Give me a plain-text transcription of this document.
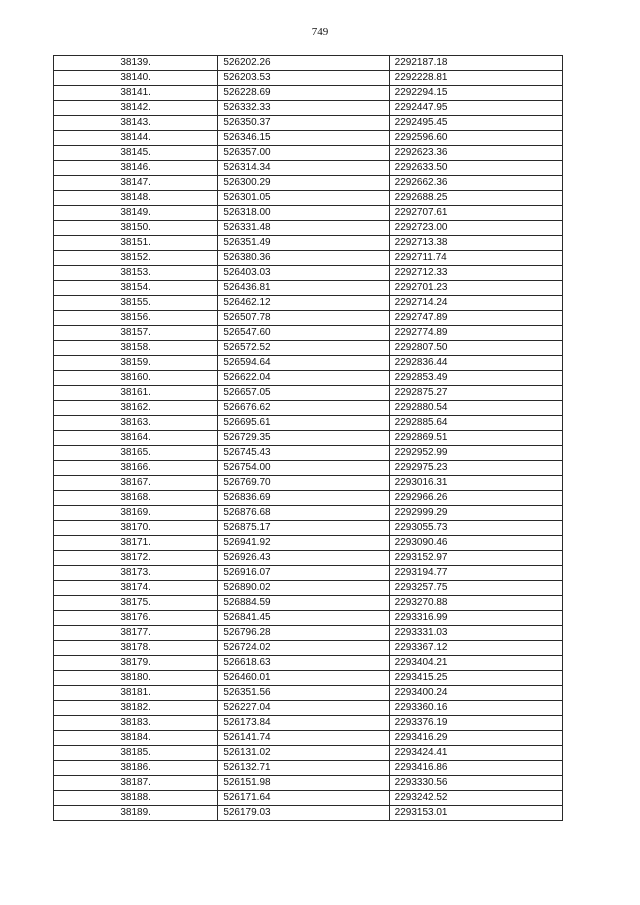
749
38139.	526202.26	2292187.18
38140.	526203.53	2292228.81
38141.	526228.69	2292294.15
38142.	526332.33	2292447.95
38143.	526350.37	2292495.45
38144.	526346.15	2292596.60
38145.	526357.00	2292623.36
38146.	526314.34	2292633.50
38147.	526300.29	2292662.36
38148.	526301.05	2292688.25
38149.	526318.00	2292707.61
38150.	526331.48	2292723.00
38151.	526351.49	2292713.38
38152.	526380.36	2292711.74
38153.	526403.03	2292712.33
38154.	526436.81	2292701.23
38155.	526462.12	2292714.24
38156.	526507.78	2292747.89
38157.	526547.60	2292774.89
38158.	526572.52	2292807.50
38159.	526594.64	2292836.44
38160.	526622.04	2292853.49
38161.	526657.05	2292875.27
38162.	526676.62	2292880.54
38163.	526695.61	2292885.64
38164.	526729.35	2292869.51
38165.	526745.43	2292952.99
38166.	526754.00	2292975.23
38167.	526769.70	2293016.31
38168.	526836.69	2292966.26
38169.	526876.68	2292999.29
38170.	526875.17	2293055.73
38171.	526941.92	2293090.46
38172.	526926.43	2293152.97
38173.	526916.07	2293194.77
38174.	526890.02	2293257.75
38175.	526884.59	2293270.88
38176.	526841.45	2293316.99
38177.	526796.28	2293331.03
38178.	526724.02	2293367.12
38179.	526618.63	2293404.21
38180.	526460.01	2293415.25
38181.	526351.56	2293400.24
38182.	526227.04	2293360.16
38183.	526173.84	2293376.19
38184.	526141.74	2293416.29
38185.	526131.02	2293424.41
38186.	526132.71	2293416.86
38187.	526151.98	2293330.56
38188.	526171.64	2293242.52
38189.	526179.03	2293153.01
